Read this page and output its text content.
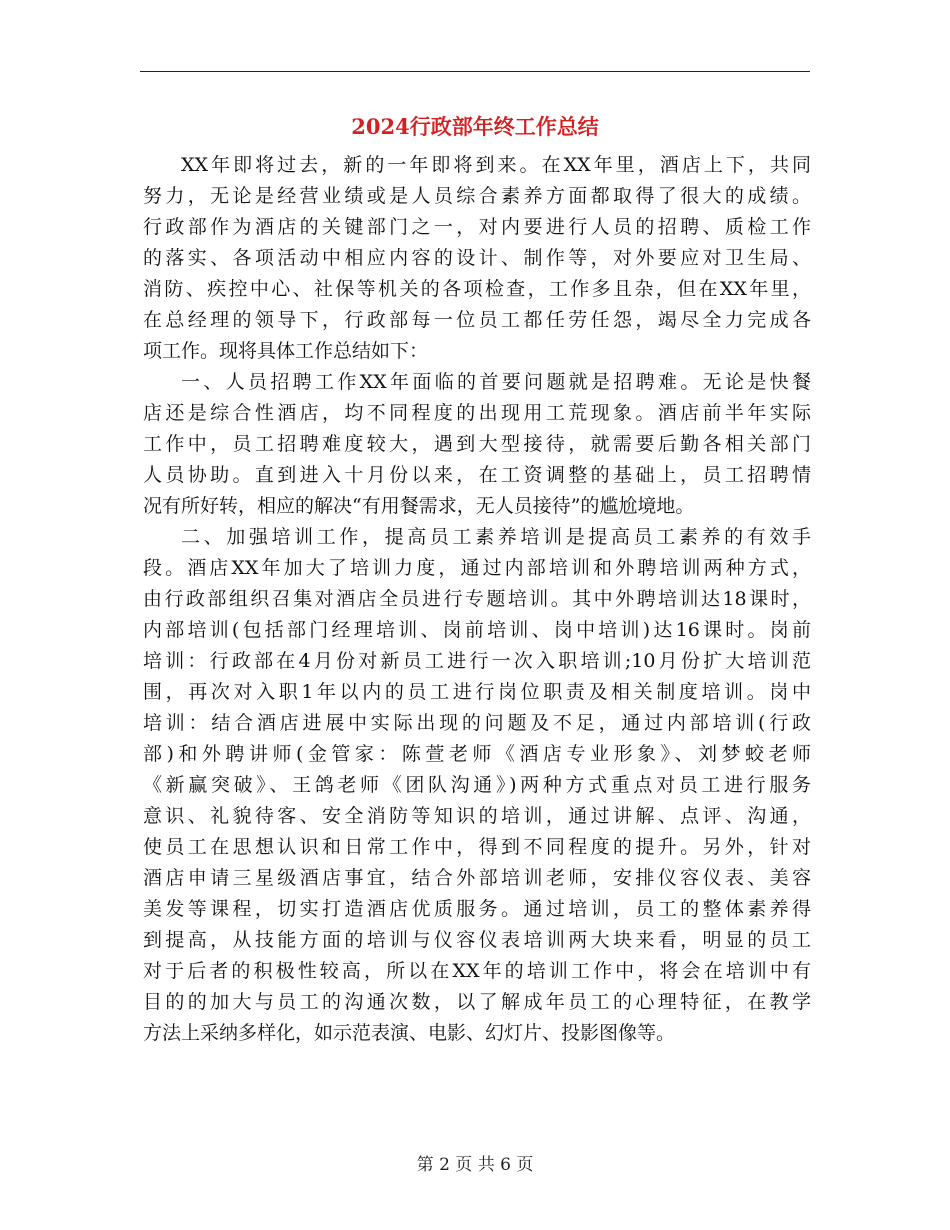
2024行政部年终工作总结
XX年即将过去，新的一年即将到来。在XX年里，酒店上下，共同
努力，无论是经营业绩或是人员综合素养方面都取得了很大的成绩。
行政部作为酒店的关键部门之一，对内要进行人员的招聘、质检工作
的落实、各项活动中相应内容的设计、制作等，对外要应对卫生局、
消防、疾控中心、社保等机关的各项检查，工作多且杂，但在XX年里，
在总经理的领导下，行政部每一位员工都任劳任怨，竭尽全力完成各
项工作。现将具体工作总结如下：
一、人员招聘工作XX年面临的首要问题就是招聘难。无论是快餐
店还是综合性酒店，均不同程度的出现用工荒现象。酒店前半年实际
工作中，员工招聘难度较大，遇到大型接待，就需要后勤各相关部门
人员协助。直到进入十月份以来，在工资调整的基础上，员工招聘情
况有所好转，相应的解决“有用餐需求，无人员接待”的尴尬境地。
二、加强培训工作，提高员工素养培训是提高员工素养的有效手
段。酒店XX年加大了培训力度，通过内部培训和外聘培训两种方式，
由行政部组织召集对酒店全员进行专题培训。其中外聘培训达18课时，
内部培训(包括部门经理培训、岗前培训、岗中培训)达16课时。岗前
培训：行政部在4月份对新员工进行一次入职培训;10月份扩大培训范
围，再次对入职1年以内的员工进行岗位职责及相关制度培训。岗中
培训：结合酒店进展中实际出现的问题及不足，通过内部培训(行政
部)和外聘讲师(金管家：陈萱老师《酒店专业形象》、刘梦蛟老师
《新赢突破》、王鸽老师《团队沟通》)两种方式重点对员工进行服务
意识、礼貌待客、安全消防等知识的培训，通过讲解、点评、沟通，
使员工在思想认识和日常工作中，得到不同程度的提升。另外，针对
酒店申请三星级酒店事宜，结合外部培训老师，安排仪容仪表、美容
美发等课程，切实打造酒店优质服务。通过培训，员工的整体素养得
到提高，从技能方面的培训与仪容仪表培训两大块来看，明显的员工
对于后者的积极性较高，所以在XX年的培训工作中，将会在培训中有
目的的加大与员工的沟通次数，以了解成年员工的心理特征，在教学
方法上采纳多样化，如示范表演、电影、幻灯片、投影图像等。
第 2 页 共 6 页
